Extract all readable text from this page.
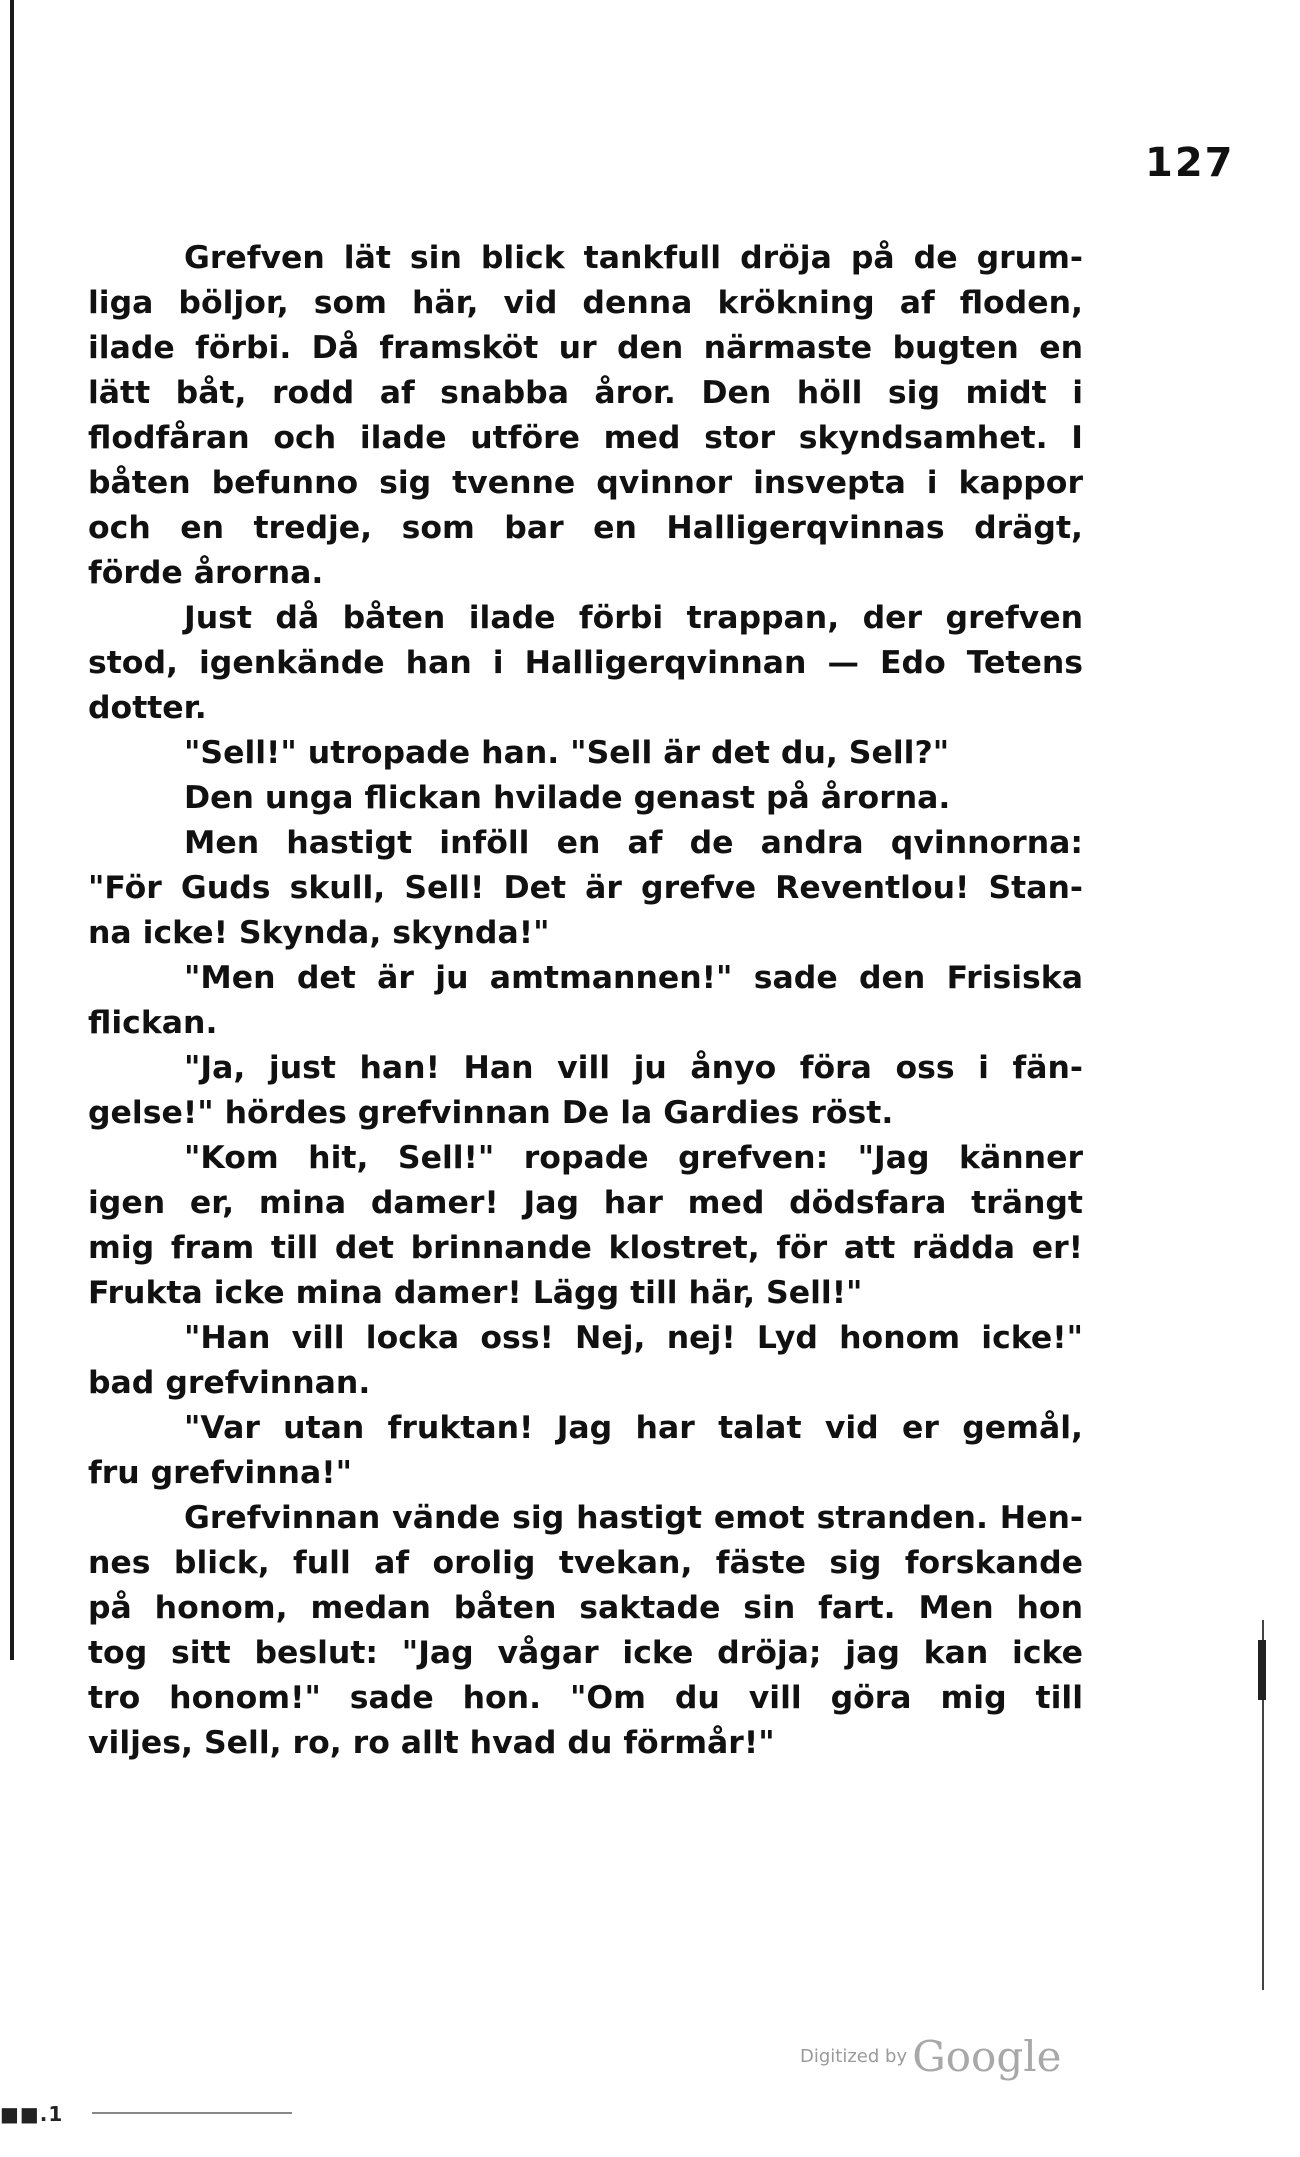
127
Grefven lät sin blick tankfull dröja på de grum-
liga böljor, som här, vid denna krökning af floden,
ilade förbi. Då framsköt ur den närmaste bugten en
lätt båt, rodd af snabba åror. Den höll sig midt i
flodfåran och ilade utföre med stor skyndsamhet. I
båten befunno sig tvenne qvinnor insvepta i kappor
och en tredje, som bar en Halligerqvinnas drägt,
förde årorna.
Just då båten ilade förbi trappan, der grefven
stod, igenkände han i Halligerqvinnan — Edo Tetens
dotter.
"Sell!" utropade han. "Sell är det du, Sell?"
Den unga flickan hvilade genast på årorna.
Men hastigt inföll en af de andra qvinnorna:
"För Guds skull, Sell! Det är grefve Reventlou! Stan-
na icke! Skynda, skynda!"
"Men det är ju amtmannen!" sade den Frisiska
flickan.
"Ja, just han! Han vill ju ånyo föra oss i fän-
gelse!" hördes grefvinnan De la Gardies röst.
"Kom hit, Sell!" ropade grefven: "Jag känner
igen er, mina damer! Jag har med dödsfara trängt
mig fram till det brinnande klostret, för att rädda er!
Frukta icke mina damer! Lägg till här, Sell!"
"Han vill locka oss! Nej, nej! Lyd honom icke!"
bad grefvinnan.
"Var utan fruktan! Jag har talat vid er gemål,
fru grefvinna!"
Grefvinnan vände sig hastigt emot stranden. Hen-
nes blick, full af orolig tvekan, fäste sig forskande
på honom, medan båten saktade sin fart. Men hon
tog sitt beslut: "Jag vågar icke dröja; jag kan icke
tro honom!" sade hon. "Om du vill göra mig till
viljes, Sell, ro, ro allt hvad du förmår!"
Digitized by Google
■■.1
